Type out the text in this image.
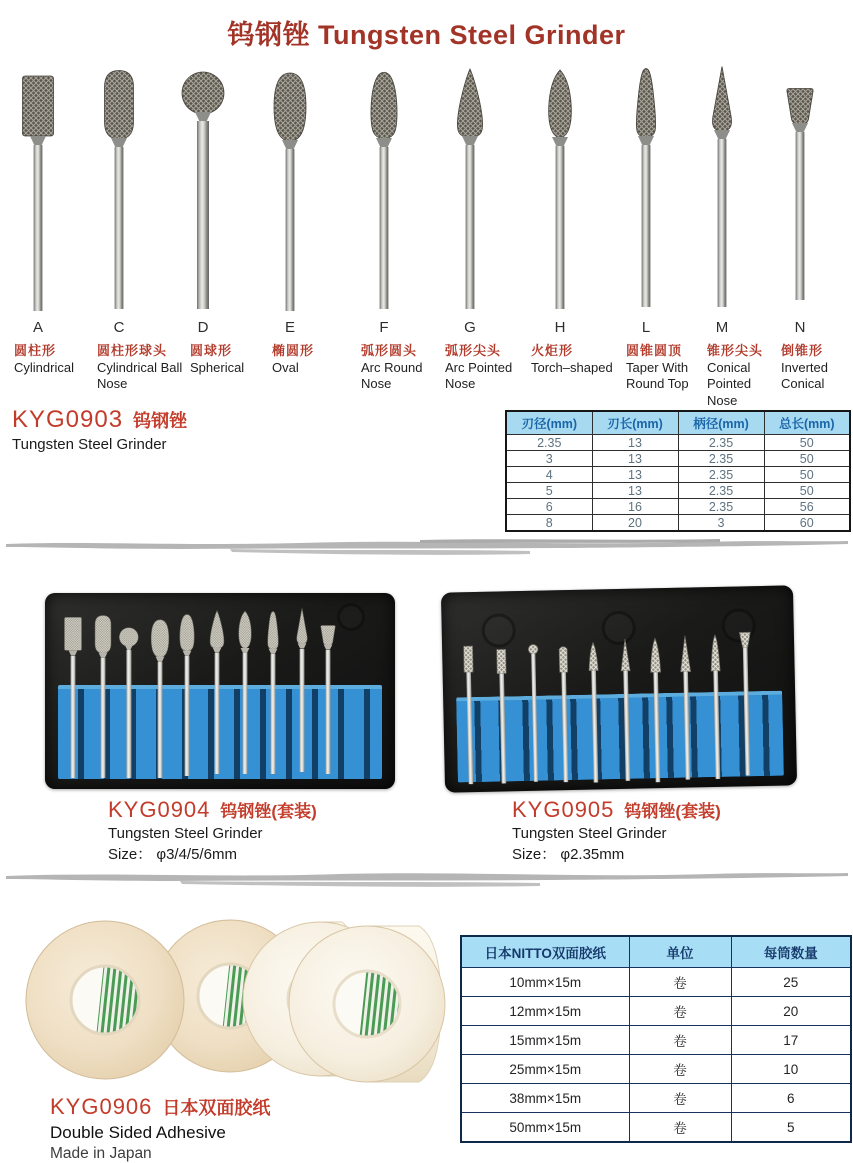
钨钢锉 Tungsten Steel Grinder
A	C	D	E	F	G	H	L	M	N
圆柱形
Cylindrical
圆柱形球头
Cylindrical Ball Nose
圆球形
Spherical
椭圆形
Oval
弧形圆头
Arc Round Nose
弧形尖头
Arc Pointed Nose
火炬形
Torch–shaped
圆锥圆顶
Taper With Round Top
锥形尖头
Conical Pointed Nose
倒锥形
Inverted Conical
KYG0903 钨钢锉
Tungsten Steel Grinder
刃径(mm)	刃长(mm)	柄径(mm)	总长(mm)
2.35	13	2.35	50
3	13	2.35	50
4	13	2.35	50
5	13	2.35	50
6	16	2.35	56
8	20	3	60
KYG0904 钨钢锉(套装)
Tungsten Steel Grinder
Size： φ3/4/5/6mm
KYG0905 钨钢锉(套装)
Tungsten Steel Grinder
Size： φ2.35mm
日本NITTO双面胶纸	单位	每筒数量
10mm×15m	卷	25
12mm×15m	卷	20
15mm×15m	卷	17
25mm×15m	卷	10
38mm×15m	卷	6
50mm×15m	卷	5
KYG0906 日本双面胶纸
Double Sided Adhesive
Made in Japan
